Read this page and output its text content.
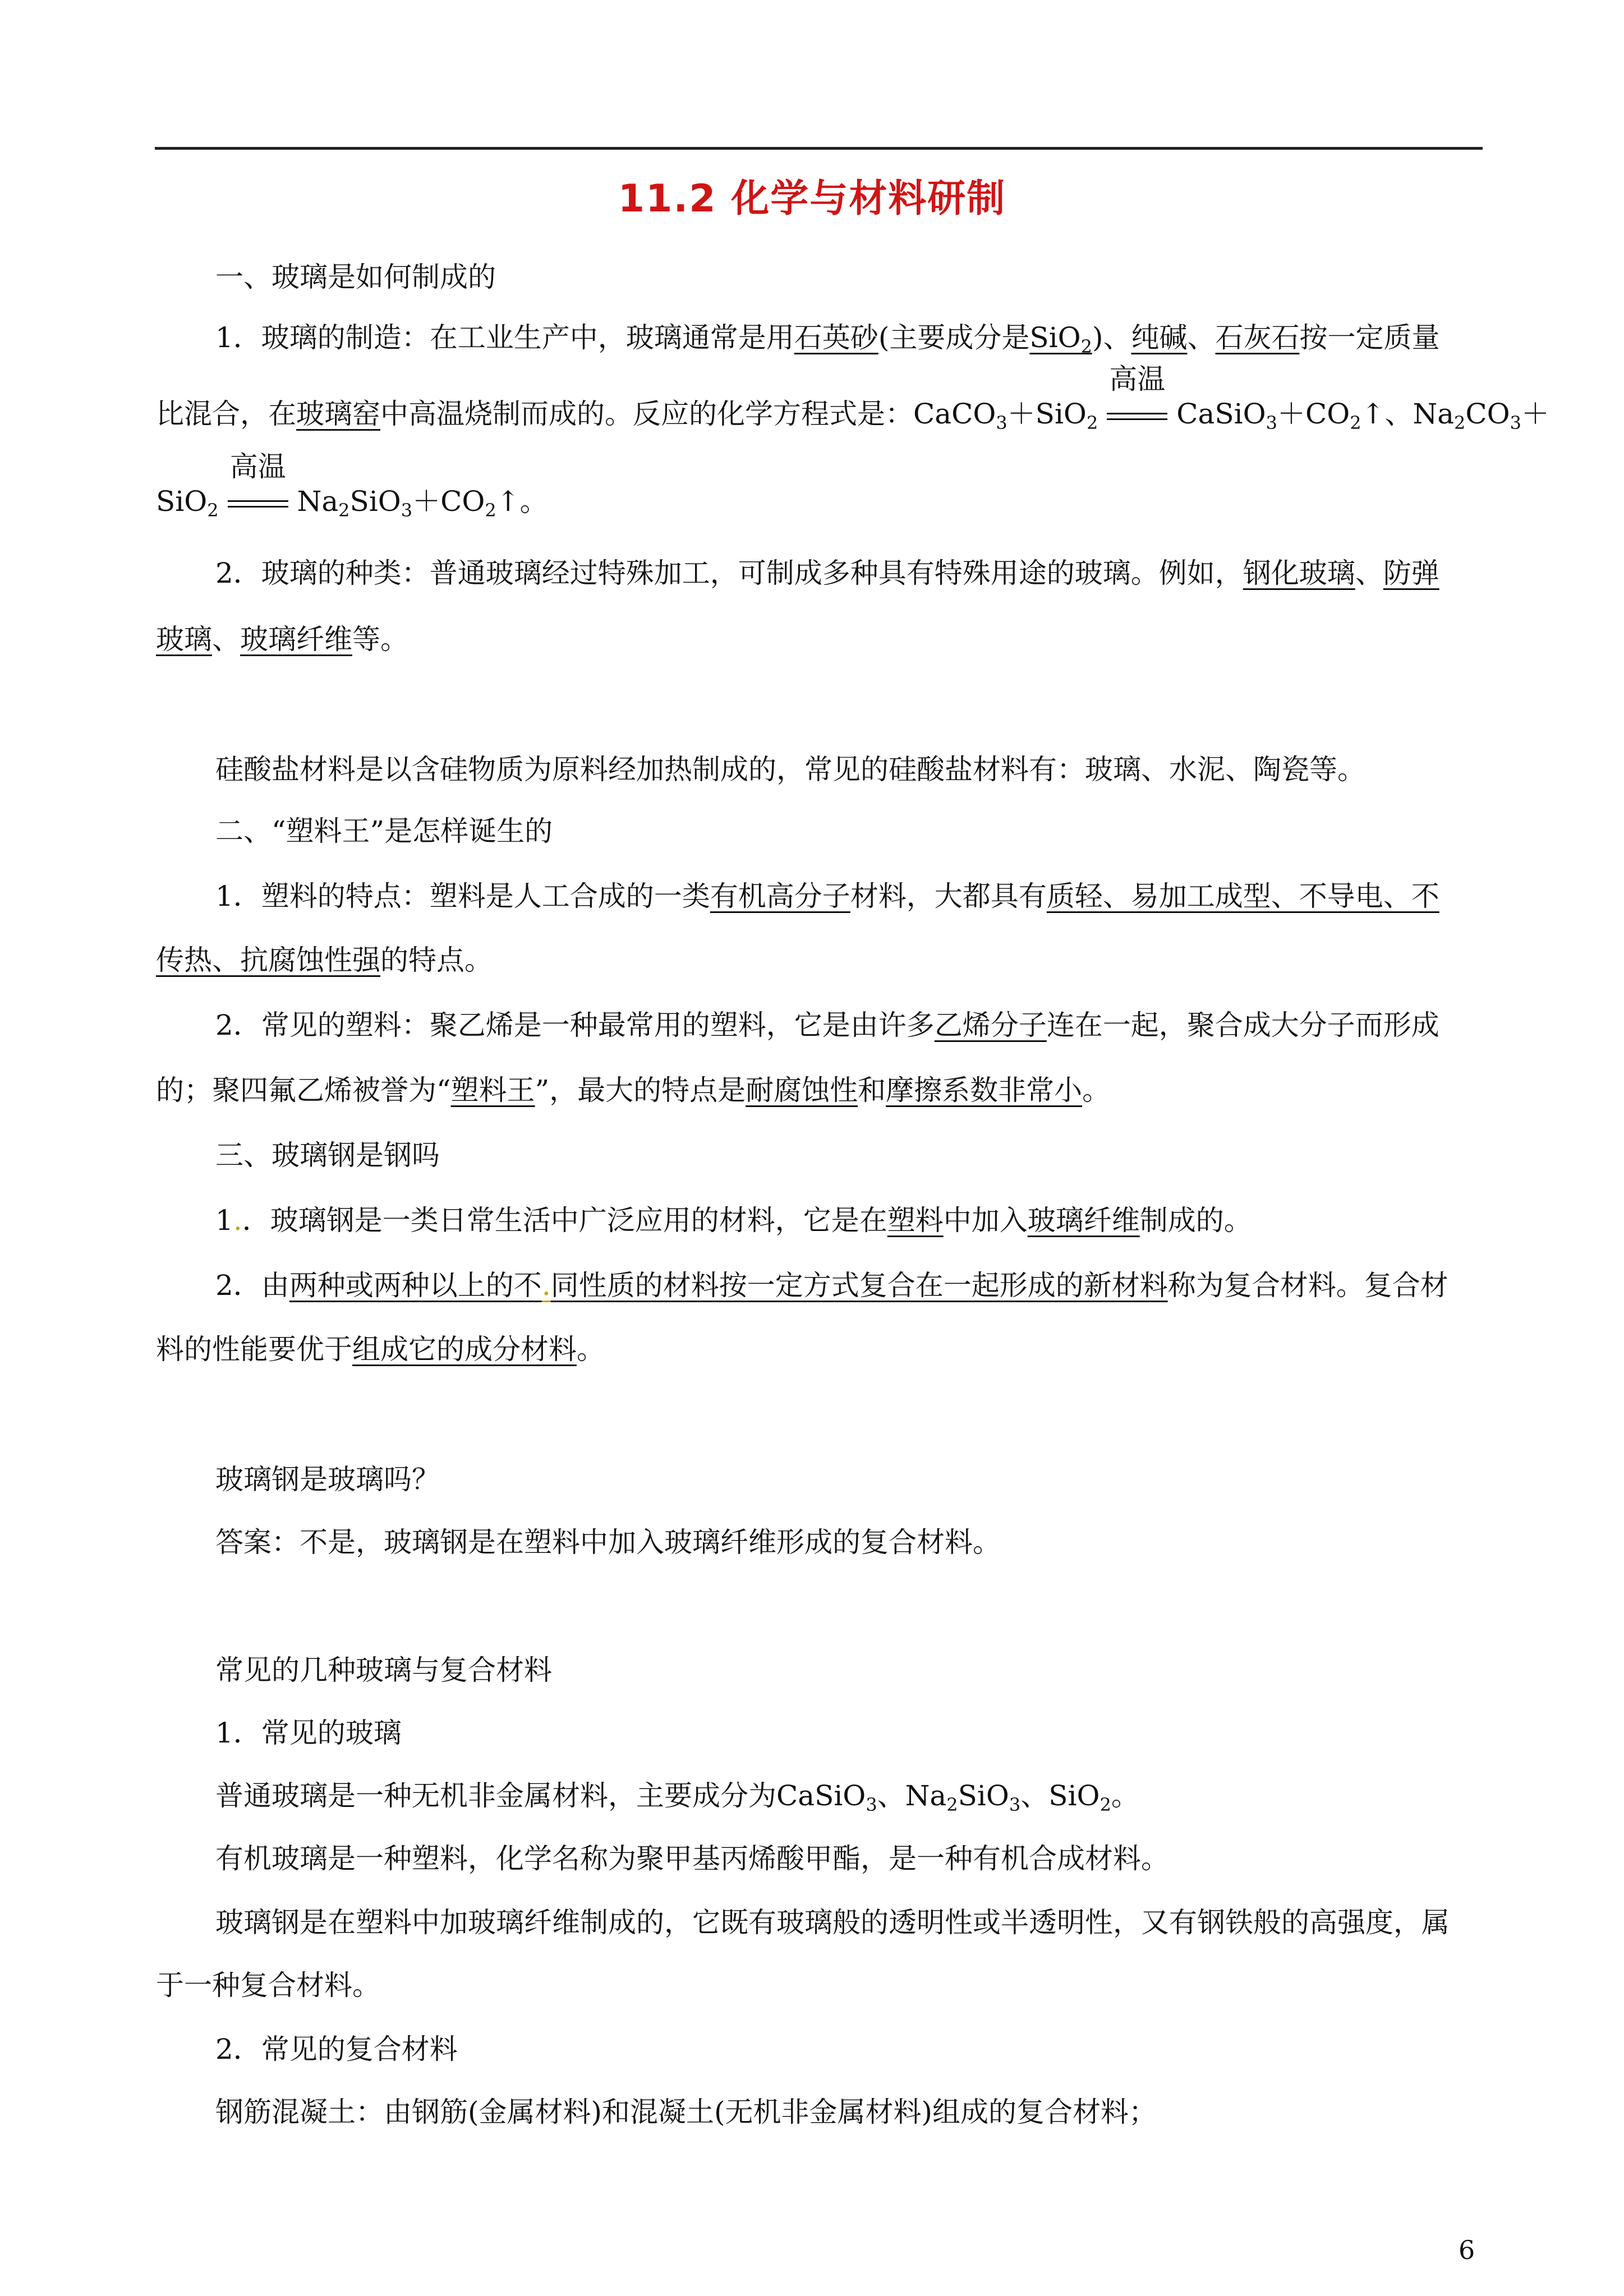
11.2 化学与材料研制
一、玻璃是如何制成的
1．玻璃的制造：在工业生产中，玻璃通常是用石英砂(主要成分是SiO$_2$)、纯碱、石灰石按一定质量
比混合，在玻璃窑中高温烧制而成的。反应的化学方程式是：CaCO$_3$＋SiO$_2$
高温
$CaSiO_3+CO_2↑$、$Na_2CO_3+$
SiO$_2$
高温
$Na_2SiO_3+CO_2↑$。
2．玻璃的种类：普通玻璃经过特殊加工，可制成多种具有特殊用途的玻璃。例如，钢化玻璃、防弹
玻璃、玻璃纤维等。
硅酸盐材料是以含硅物质为原料经加热制成的，常见的硅酸盐材料有：玻璃、水泥、陶瓷等。
二、“塑料王”是怎样诞生的
1．塑料的特点：塑料是人工合成的一类有机高分子材料，大都具有质轻、易加工成型、不导电、不
传热、抗腐蚀性强的特点。
2．常见的塑料：聚乙烯是一种最常用的塑料，它是由许多乙烯分子连在一起，聚合成大分子而形成
的；聚四氟乙烯被誉为“塑料王”，最大的特点是耐腐蚀性和摩擦系数非常小。
三、玻璃钢是钢吗
1.．玻璃钢是一类日常生活中广泛应用的材料，它是在塑料中加入玻璃纤维制成的。
2．由两种或两种以上的不.同性质的材料按一定方式复合在一起形成的新材料称为复合材料。复合材
料的性能要优于组成它的成分材料。
玻璃钢是玻璃吗？
答案：不是，玻璃钢是在塑料中加入玻璃纤维形成的复合材料。
常见的几种玻璃与复合材料
1．常见的玻璃
普通玻璃是一种无机非金属材料，主要成分为CaSiO$_3$、$Na_2SiO_3$、SiO$_2$。
有机玻璃是一种塑料，化学名称为聚甲基丙烯酸甲酯，是一种有机合成材料。
玻璃钢是在塑料中加玻璃纤维制成的，它既有玻璃般的透明性或半透明性，又有钢铁般的高强度，属
于一种复合材料。
2．常见的复合材料
钢筋混凝土：由钢筋(金属材料)和混凝土(无机非金属材料)组成的复合材料；
6
